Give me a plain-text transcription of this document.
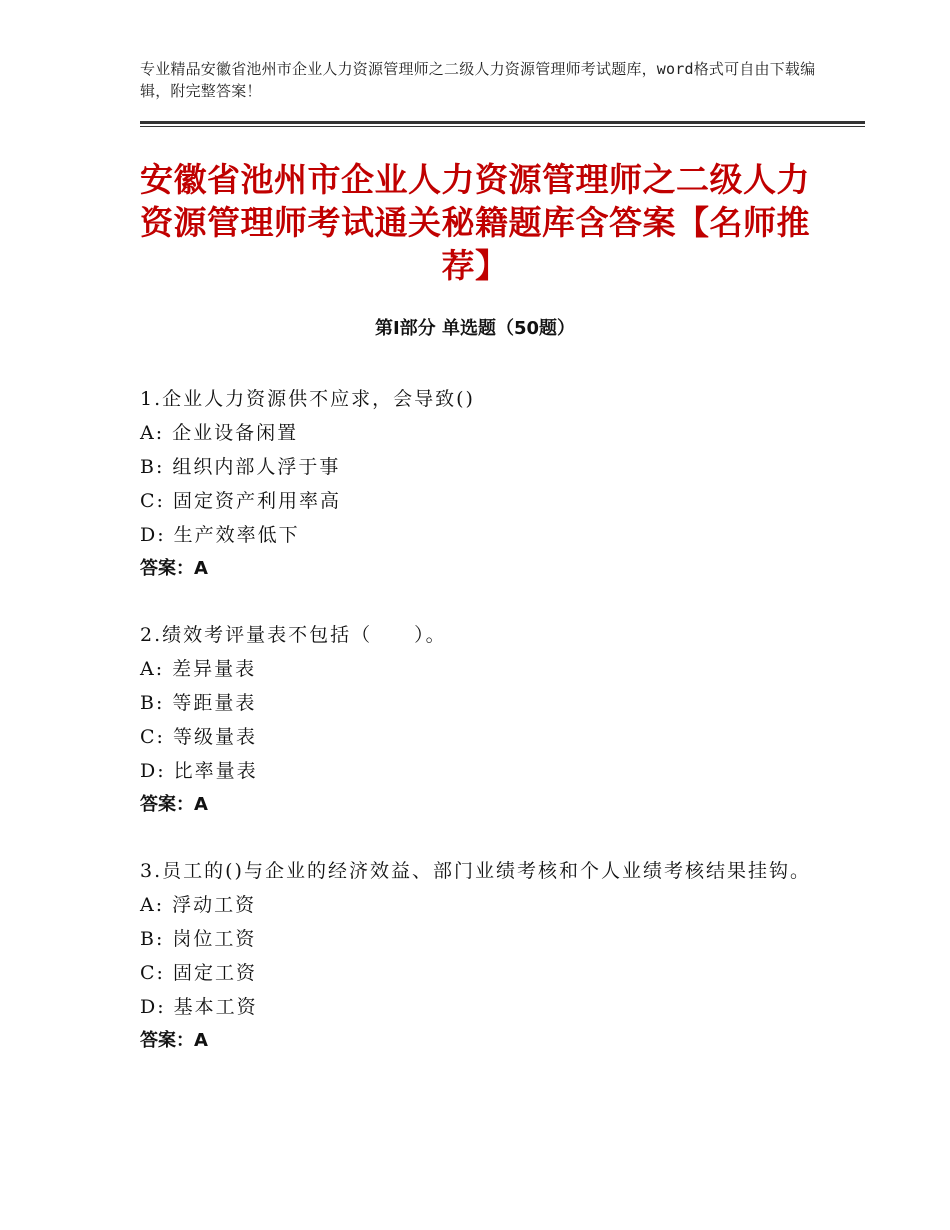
专业精品安徽省池州市企业人力资源管理师之二级人力资源管理师考试题库，word格式可自由下载编辑，附完整答案！
安徽省池州市企业人力资源管理师之二级人力资源管理师考试通关秘籍题库含答案【名师推荐】
第Ⅰ部分 单选题（50题）
1.企业人力资源供不应求，会导致()
A: 企业设备闲置
B: 组织内部人浮于事
C: 固定资产利用率高
D: 生产效率低下
答案：A
2.绩效考评量表不包括（　　）。
A: 差异量表
B: 等距量表
C: 等级量表
D: 比率量表
答案：A
3.员工的()与企业的经济效益、部门业绩考核和个人业绩考核结果挂钩。
A: 浮动工资
B: 岗位工资
C: 固定工资
D: 基本工资
答案：A
